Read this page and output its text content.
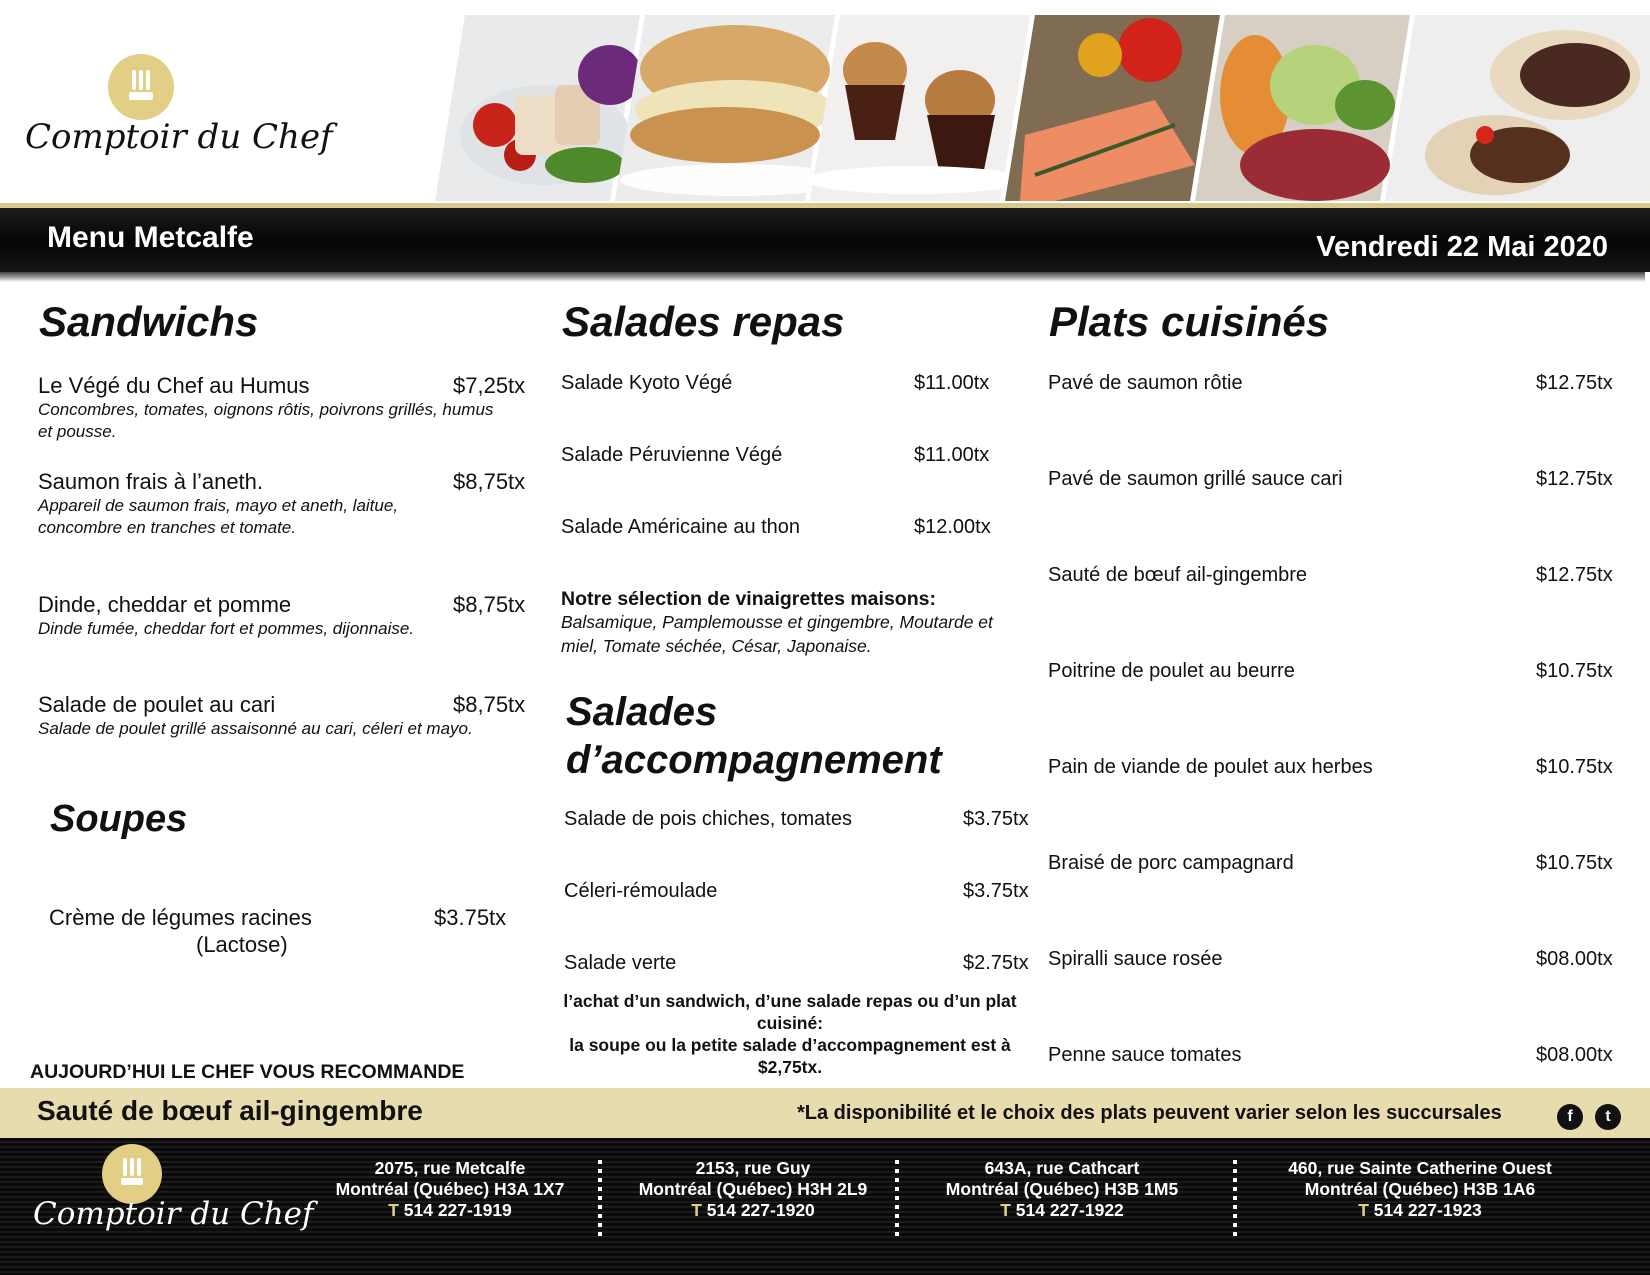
Comptoir du Chef
Menu Metcalfe	Vendredi 22 Mai 2020
Sandwichs
Le Végé du Chef au Humus	$7,25tx
Concombres, tomates, oignons rôtis, poivrons grillés, humus et pousse.
Saumon frais à l’aneth.	$8,75tx
Appareil de saumon frais, mayo et aneth, laitue, concombre en tranches et tomate.
Dinde, cheddar et pomme	$8,75tx
Dinde fumée, cheddar fort et pommes, dijonnaise.
Salade de poulet au cari	$8,75tx
Salade de poulet grillé assaisonné au cari, céleri et mayo.
Soupes
Crème de légumes racines
(Lactose)
$3.75tx
Salades repas
Salade Kyoto Végé	$11.00tx
Salade Péruvienne Végé	$11.00tx
Salade Américaine au thon	$12.00tx
Notre sélection de vinaigrettes maisons:
Balsamique, Pamplemousse et gingembre, Moutarde et miel, Tomate séchée, César, Japonaise.
Salades
d’accompagnement
Salade de pois chiches, tomates	$3.75tx
Céleri-rémoulade	$3.75tx
Salade verte	$2.75tx
l’achat d’un sandwich, d’une salade repas ou d’un plat cuisiné:
la soupe ou la petite salade d’accompagnement est à $2,75tx.
Plats cuisinés
Pavé de saumon rôtie	$12.75tx
Pavé de saumon grillé sauce cari	$12.75tx
Sauté de bœuf ail-gingembre	$12.75tx
Poitrine de poulet au beurre	$10.75tx
Pain de viande de poulet aux herbes	$10.75tx
Braisé de porc campagnard	$10.75tx
Spiralli sauce rosée	$08.00tx
Penne sauce tomates	$08.00tx
AUJOURD’HUI LE CHEF VOUS RECOMMANDE
Sauté de bœuf ail-gingembre	*La disponibilité et le choix des plats peuvent varier selon les succursales	f	t
Comptoir du Chef
2075, rue Metcalfe
Montréal (Québec) H3A 1X7
T 514 227-1919
2153, rue Guy
Montréal (Québec) H3H 2L9
T 514 227-1920
643A, rue Cathcart
Montréal (Québec) H3B 1M5
T 514 227-1922
460, rue Sainte Catherine Ouest
Montréal (Québec) H3B 1A6
T 514 227-1923
